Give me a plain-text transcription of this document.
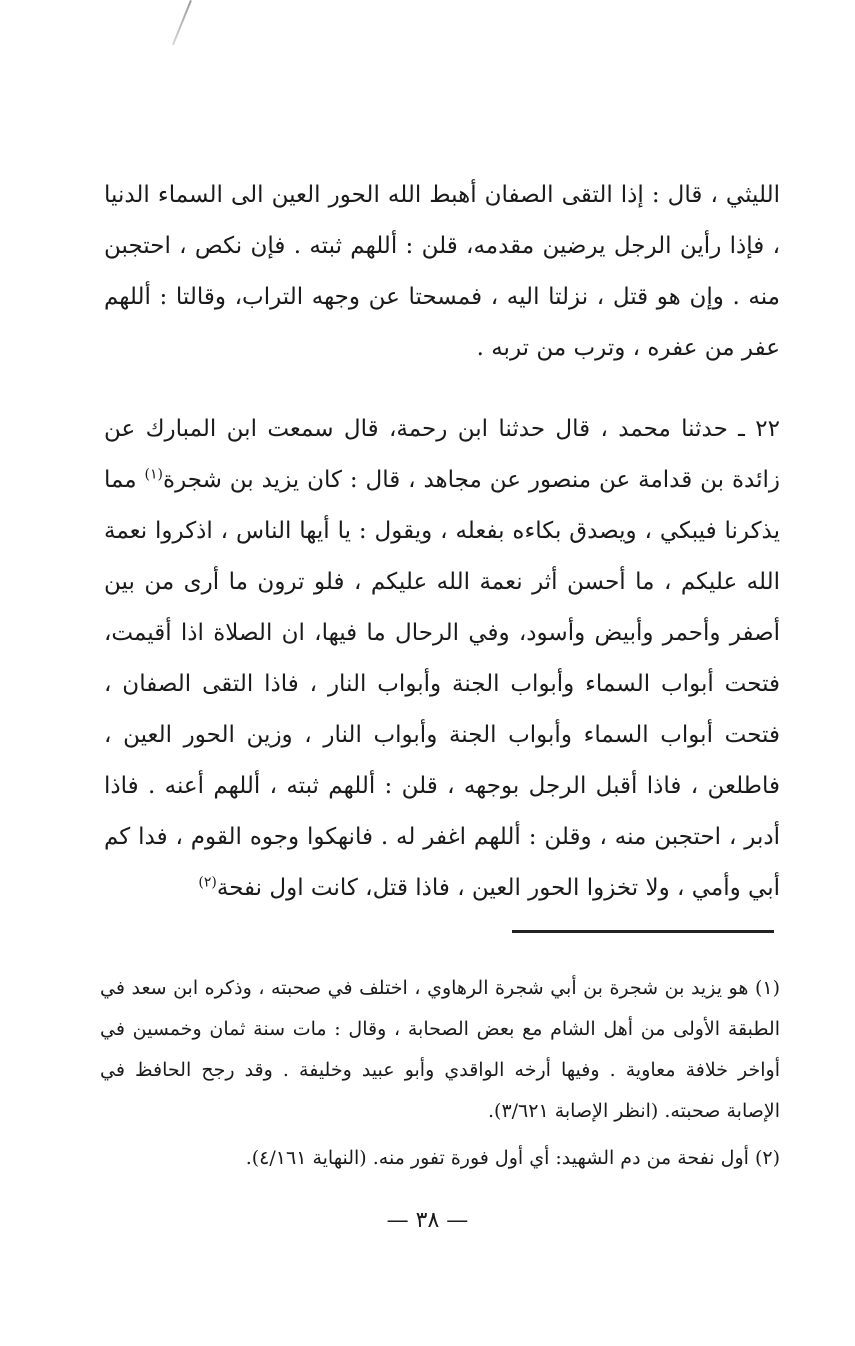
الليثي ، قال : إذا التقى الصفان أهبط الله الحور العين الى السماء الدنيا ، فإذا رأين الرجل يرضين مقدمه، قلن : أللهم ثبته . فإن نكص ، احتجبن منه . وإن هو قتل ، نزلتا اليه ، فمسحتا عن وجهه التراب، وقالتا : أللهم عفر من عفره ، وترب من تربه .

٢٢ ـ حدثنا محمد ، قال حدثنا ابن رحمة، قال سمعت ابن المبارك عن زائدة بن قدامة عن منصور عن مجاهد ، قال : كان يزيد بن شجرة$^{(١)}$ مما يذكرنا فيبكي ، ويصدق بكاءه بفعله ، ويقول : يا أيها الناس ، اذكروا نعمة الله عليكم ، ما أحسن أثر نعمة الله عليكم ، فلو ترون ما أرى من بين أصفر وأحمر وأبيض وأسود، وفي الرحال ما فيها، ان الصلاة اذا أقيمت، فتحت أبواب السماء وأبواب الجنة وأبواب النار ، فاذا التقى الصفان ، فتحت أبواب السماء وأبواب الجنة وأبواب النار ، وزين الحور العين ، فاطلعن ، فاذا أقبل الرجل بوجهه ، قلن : أللهم ثبته ، أللهم أعنه . فاذا أدبر ، احتجبن منه ، وقلن : أللهم اغفر له . فانهكوا وجوه القوم ، فدا كم أبي وأمي ، ولا تخزوا الحور العين ، فاذا قتل، كانت اول نفحة$^{(٢)}$

(١) هو يزيد بن شجرة بن أبي شجرة الرهاوي ، اختلف في صحبته ، وذكره ابن سعد في الطبقة الأولى من أهل الشام مع بعض الصحابة ، وقال : مات سنة ثمان وخمسين في أواخر خلافة معاوية . وفيها أرخه الواقدي وأبو عبيد وخليفة . وقد رجح الحافظ في الإصابة صحبته. (انظر الإصابة ٣/٦٢١).

(٢) أول نفحة من دم الشهيد: أي أول فورة تفور منه. (النهاية ٤/١٦١).

— ٣٨ —
